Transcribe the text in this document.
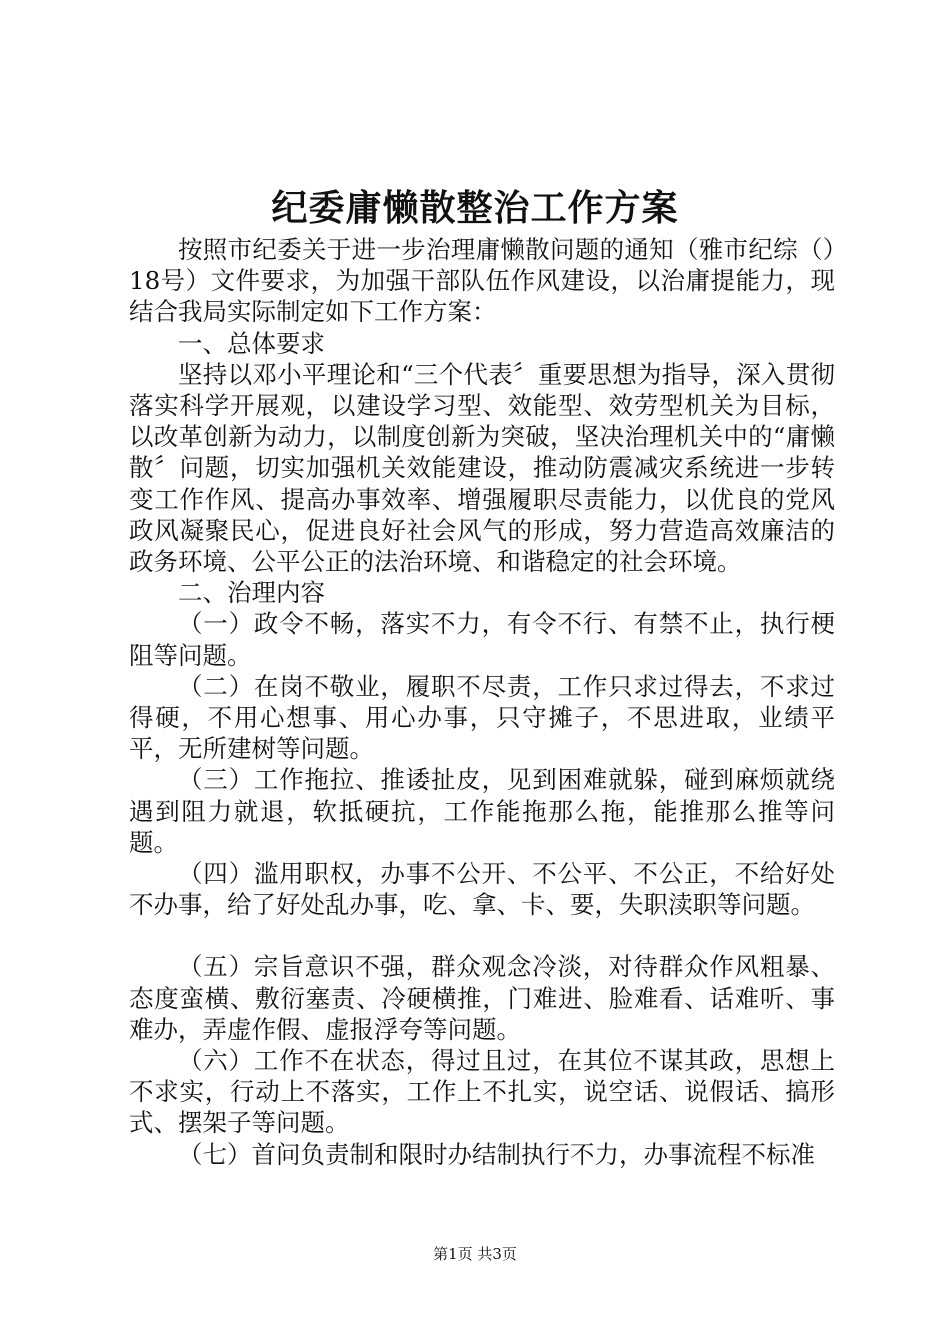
纪委庸懒散整治工作方案

按照市纪委关于进一步治理庸懒散问题的通知（雅市纪综（）18号）文件要求，为加强干部队伍作风建设，以治庸提能力，现结合我局实际制定如下工作方案：

一、总体要求

坚持以邓小平理论和“三个代表〞重要思想为指导，深入贯彻落实科学开展观，以建设学习型、效能型、效劳型机关为目标，以改革创新为动力，以制度创新为突破，坚决治理机关中的“庸懒散〞问题，切实加强机关效能建设，推动防震减灾系统进一步转变工作作风、提高办事效率、增强履职尽责能力，以优良的党风政风凝聚民心，促进良好社会风气的形成，努力营造高效廉洁的政务环境、公平公正的法治环境、和谐稳定的社会环境。

二、治理内容

（一）政令不畅，落实不力，有令不行、有禁不止，执行梗阻等问题。

（二）在岗不敬业，履职不尽责，工作只求过得去，不求过得硬，不用心想事、用心办事，只守摊子，不思进取，业绩平平，无所建树等问题。

（三）工作拖拉、推诿扯皮，见到困难就躲，碰到麻烦就绕遇到阻力就退，软抵硬抗，工作能拖那么拖，能推那么推等问题。

（四）滥用职权，办事不公开、不公平、不公正，不给好处不办事，给了好处乱办事，吃、拿、卡、要，失职渎职等问题。

（五）宗旨意识不强，群众观念冷淡，对待群众作风粗暴、态度蛮横、敷衍塞责、冷硬横推，门难进、脸难看、话难听、事难办，弄虚作假、虚报浮夸等问题。

（六）工作不在状态，得过且过，在其位不谋其政，思想上不求实，行动上不落实，工作上不扎实，说空话、说假话、搞形式、摆架子等问题。

（七）首问负责制和限时办结制执行不力，办事流程不标准

第1页 共3页
